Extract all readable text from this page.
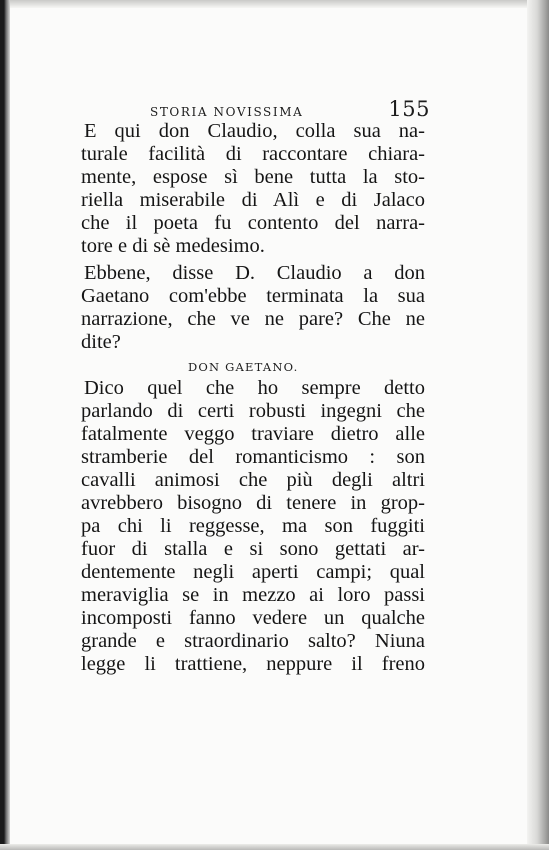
STORIA NOVISSIMA	155
E qui don Claudio, colla sua na-
turale facilità di raccontare chiara-
mente, espose sì bene tutta la sto-
riella miserabile di Alì e di Jalaco
che il poeta fu contento del narra-
tore e di sè medesimo.
Ebbene, disse D. Claudio a don
Gaetano com'ebbe terminata la sua
narrazione, che ve ne pare? Che ne
dite?
DON GAETANO.
Dico quel che ho sempre detto
parlando di certi robusti ingegni che
fatalmente veggo traviare dietro alle
stramberie del romanticismo : son
cavalli animosi che più degli altri
avrebbero bisogno di tenere in grop-
pa chi li reggesse, ma son fuggiti
fuor di stalla e si sono gettati ar-
dentemente negli aperti campi; qual
meraviglia se in mezzo ai loro passi
incomposti fanno vedere un qualche
grande e straordinario salto? Niuna
legge li trattiene, neppure il freno
